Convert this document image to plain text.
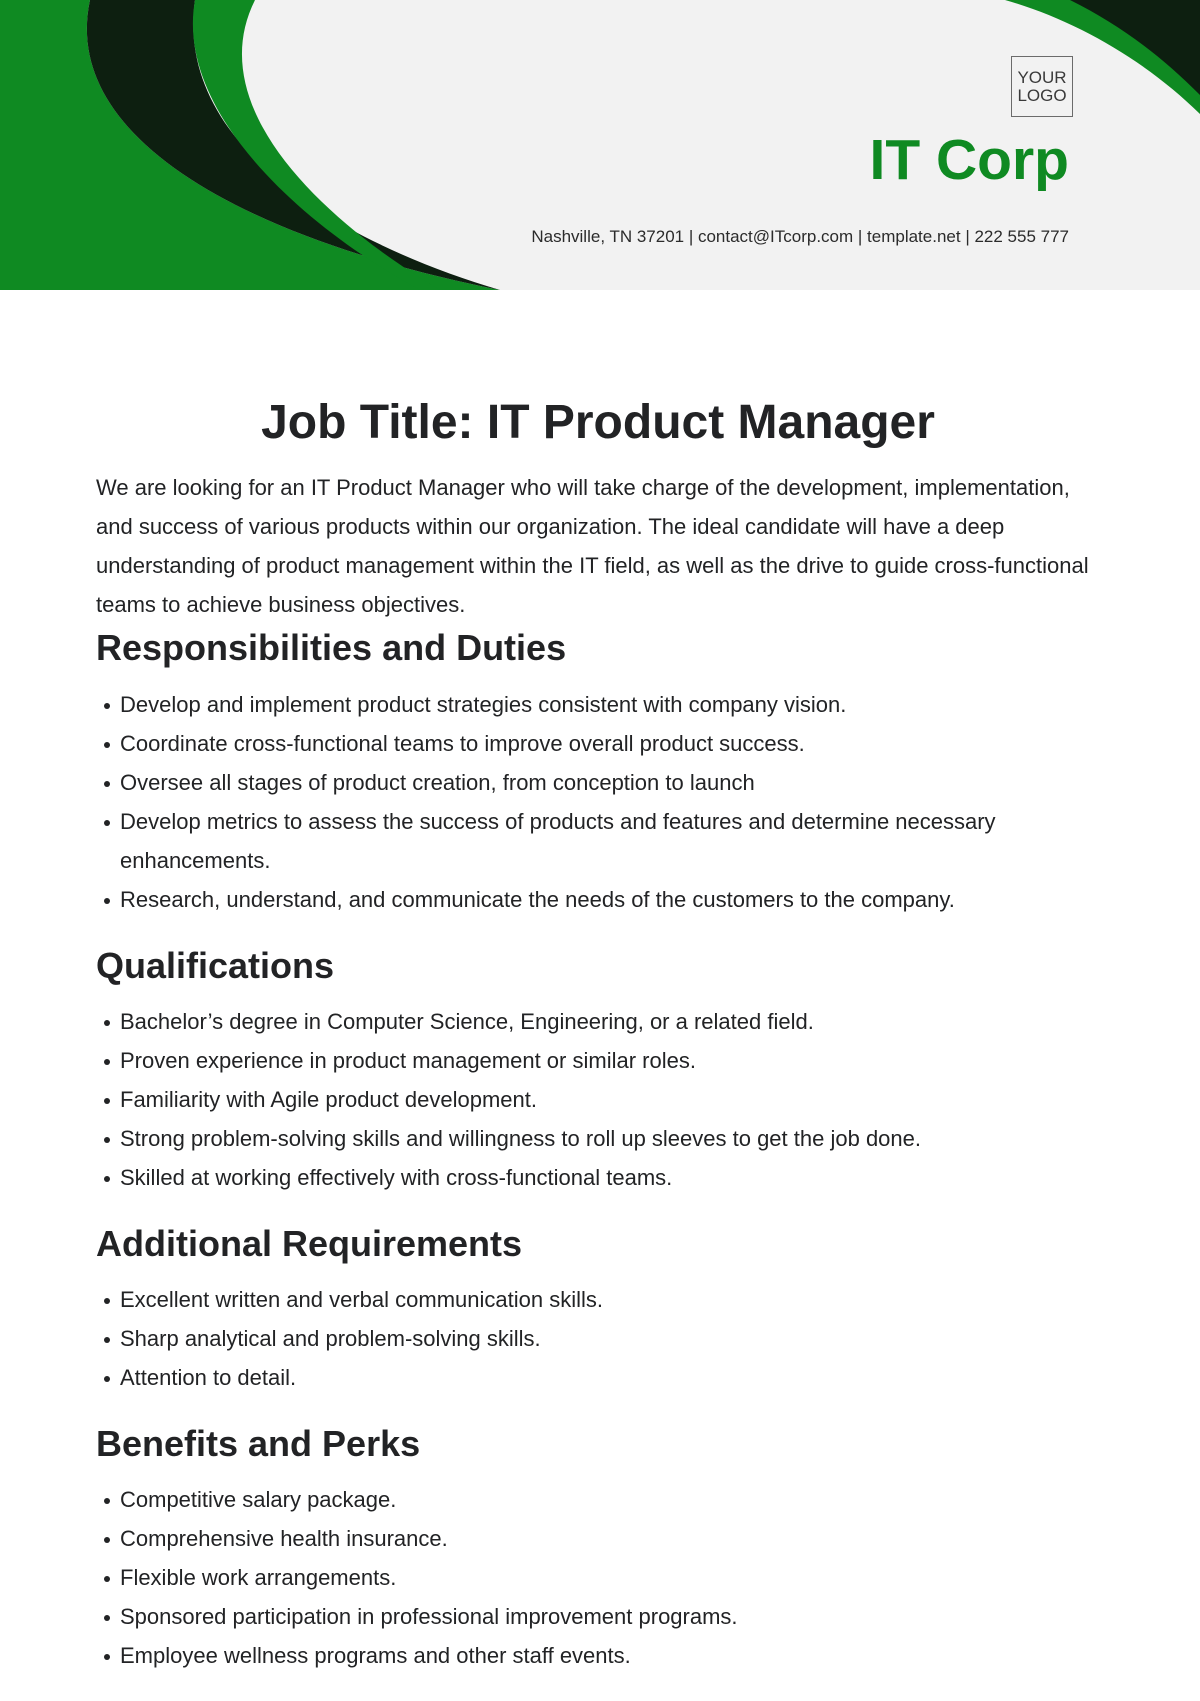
YOUR
LOGO
IT Corp

Nashville, TN 37201 | contact@ITcorp.com | template.net | 222 555 777

Job Title: IT Product Manager

We are looking for an IT Product Manager who will take charge of the development, implementation, and success of various products within our organization. The ideal candidate will have a deep understanding of product management within the IT field, as well as the drive to guide cross-functional teams to achieve business objectives.

Responsibilities and Duties
Develop and implement product strategies consistent with company vision.
Coordinate cross-functional teams to improve overall product success.
Oversee all stages of product creation, from conception to launch
Develop metrics to assess the success of products and features and determine necessary enhancements.
Research, understand, and communicate the needs of the customers to the company.
Qualifications
Bachelor’s degree in Computer Science, Engineering, or a related field.
Proven experience in product management or similar roles.
Familiarity with Agile product development.
Strong problem-solving skills and willingness to roll up sleeves to get the job done.
Skilled at working effectively with cross-functional teams.
Additional Requirements
Excellent written and verbal communication skills.
Sharp analytical and problem-solving skills.
Attention to detail.
Benefits and Perks
Competitive salary package.
Comprehensive health insurance.
Flexible work arrangements.
Sponsored participation in professional improvement programs.
Employee wellness programs and other staff events.
